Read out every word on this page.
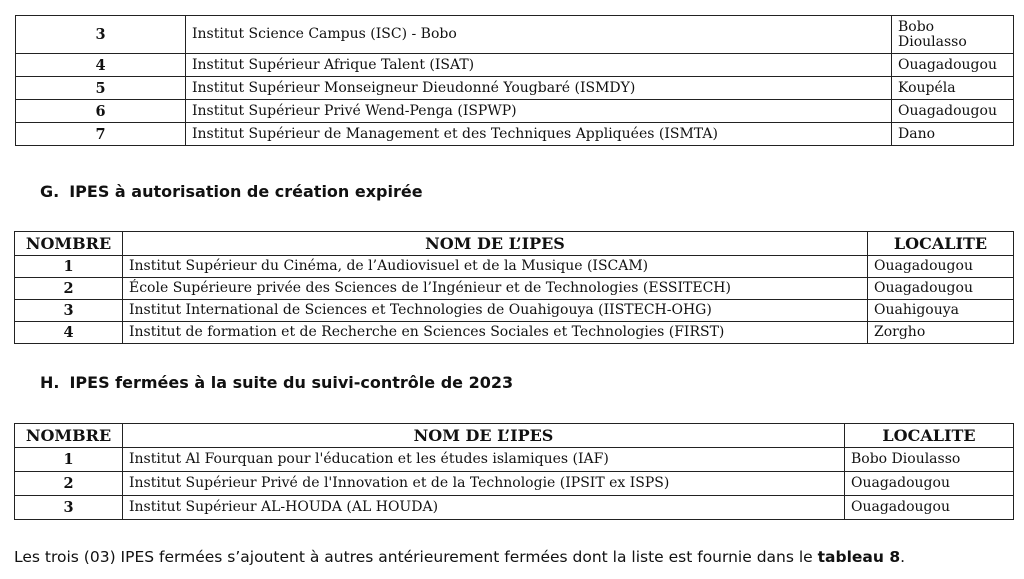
3	Institut Science Campus (ISC) - Bobo	Bobo Dioulasso
4	Institut Supérieur Afrique Talent (ISAT)	Ouagadougou
5	Institut Supérieur Monseigneur Dieudonné Yougbaré (ISMDY)	Koupéla
6	Institut Supérieur Privé Wend-Penga (ISPWP)	Ouagadougou
7	Institut Supérieur de Management et des Techniques Appliquées (ISMTA)	Dano
G. IPES à autorisation de création expirée
NOMBRE	NOM DE L’IPES	LOCALITE
1	Institut Supérieur du Cinéma, de l’Audiovisuel et de la Musique (ISCAM)	Ouagadougou
2	École Supérieure privée des Sciences de l’Ingénieur et de Technologies (ESSITECH)	Ouagadougou
3	Institut International de Sciences et Technologies de Ouahigouya (IISTECH-OHG)	Ouahigouya
4	Institut de formation et de Recherche en Sciences Sociales et Technologies (FIRST)	Zorgho
H. IPES fermées à la suite du suivi-contrôle de 2023
NOMBRE	NOM DE L’IPES	LOCALITE
1	Institut Al Fourquan pour l'éducation et les études islamiques (IAF)	Bobo Dioulasso
2	Institut Supérieur Privé de l'Innovation et de la Technologie (IPSIT ex ISPS)	Ouagadougou
3	Institut Supérieur AL-HOUDA (AL HOUDA)	Ouagadougou
Les trois (03) IPES fermées s’ajoutent à autres antérieurement fermées dont la liste est fournie dans le tableau 8.
